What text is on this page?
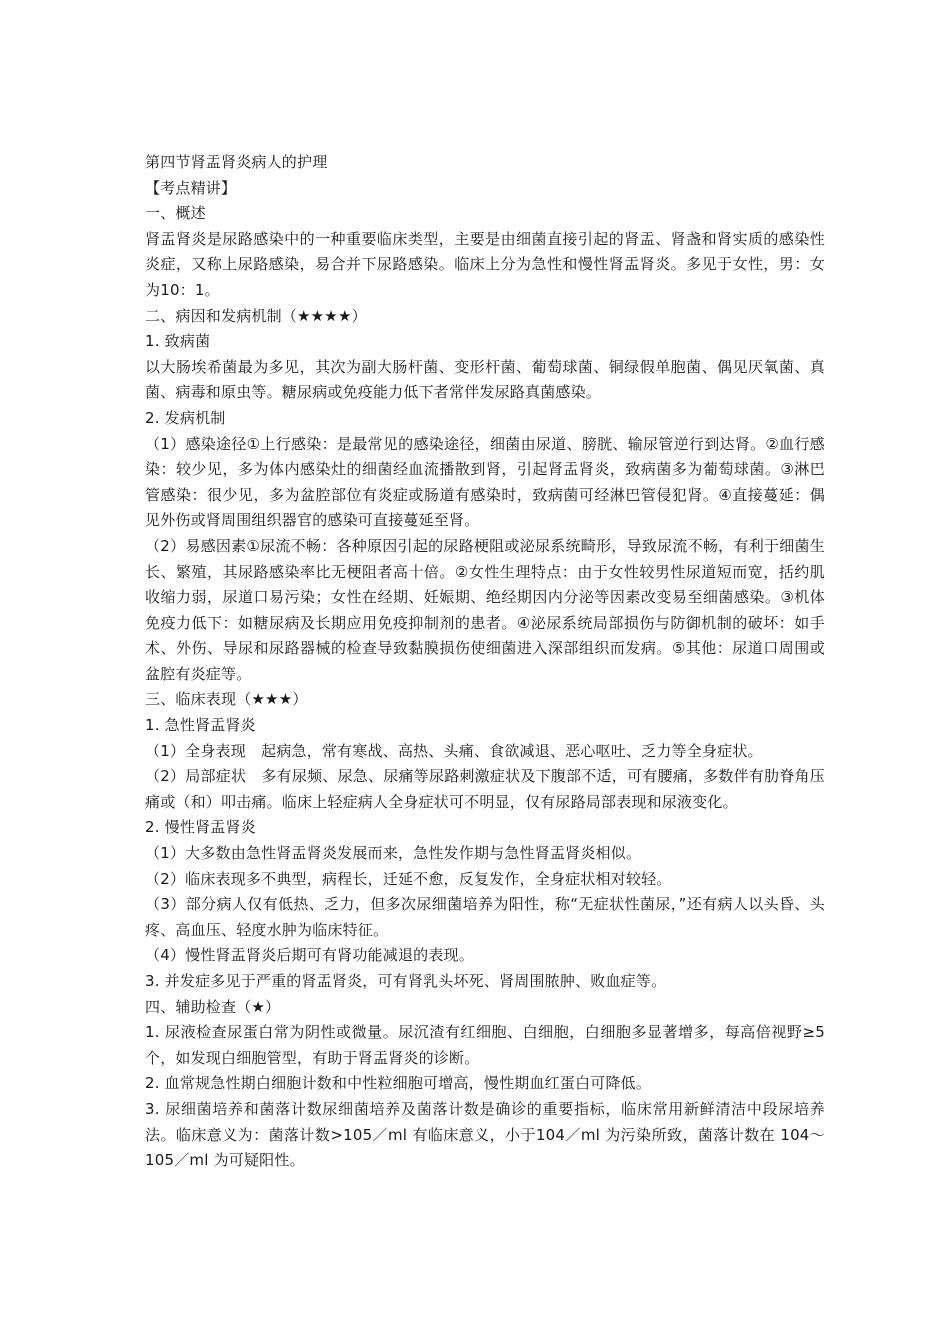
第四节肾盂肾炎病人的护理

【考点精讲】

一、概述

肾盂肾炎是尿路感染中的一种重要临床类型，主要是由细菌直接引起的肾盂、肾盏和肾实质的感染性炎症，又称上尿路感染，易合并下尿路感染。临床上分为急性和慢性肾盂肾炎。多见于女性，男：女为10：1。

二、病因和发病机制（★★★★）

1. 致病菌

以大肠埃希菌最为多见，其次为副大肠杆菌、变形杆菌、葡萄球菌、铜绿假单胞菌、偶见厌氧菌、真菌、病毒和原虫等。糖尿病或免疫能力低下者常伴发尿路真菌感染。

2. 发病机制

（1）感染途径①上行感染：是最常见的感染途径，细菌由尿道、膀胱、输尿管逆行到达肾。②血行感染：较少见，多为体内感染灶的细菌经血流播散到肾，引起肾盂肾炎，致病菌多为葡萄球菌。③淋巴管感染：很少见，多为盆腔部位有炎症或肠道有感染时，致病菌可经淋巴管侵犯肾。④直接蔓延：偶见外伤或肾周围组织器官的感染可直接蔓延至肾。

（2）易感因素①尿流不畅：各种原因引起的尿路梗阻或泌尿系统畸形，导致尿流不畅，有利于细菌生长、繁殖，其尿路感染率比无梗阻者高十倍。②女性生理特点：由于女性较男性尿道短而宽，括约肌收缩力弱，尿道口易污染；女性在经期、妊娠期、绝经期因内分泌等因素改变易至细菌感染。③机体免疫力低下：如糖尿病及长期应用免疫抑制剂的患者。④泌尿系统局部损伤与防御机制的破坏：如手术、外伤、导尿和尿路器械的检查导致黏膜损伤使细菌进入深部组织而发病。⑤其他：尿道口周围或盆腔有炎症等。

三、临床表现（★★★）

1. 急性肾盂肾炎

（1）全身表现　起病急，常有寒战、高热、头痛、食欲减退、恶心呕吐、乏力等全身症状。

（2）局部症状　多有尿频、尿急、尿痛等尿路刺激症状及下腹部不适，可有腰痛，多数伴有肋脊角压痛或（和）叩击痛。临床上轻症病人全身症状可不明显，仅有尿路局部表现和尿液变化。

2. 慢性肾盂肾炎

（1）大多数由急性肾盂肾炎发展而来，急性发作期与急性肾盂肾炎相似。

（2）临床表现多不典型，病程长，迁延不愈，反复发作，全身症状相对较轻。

（3）部分病人仅有低热、乏力，但多次尿细菌培养为阳性，称“无症状性菌尿，”还有病人以头昏、头疼、高血压、轻度水肿为临床特征。

（4）慢性肾盂肾炎后期可有肾功能减退的表现。

3. 并发症多见于严重的肾盂肾炎，可有肾乳头坏死、肾周围脓肿、败血症等。

四、辅助检查（★）

1. 尿液检查尿蛋白常为阴性或微量。尿沉渣有红细胞、白细胞，白细胞多显著增多，每高倍视野≥5个，如发现白细胞管型，有助于肾盂肾炎的诊断。

2. 血常规急性期白细胞计数和中性粒细胞可增高，慢性期血红蛋白可降低。

3. 尿细菌培养和菌落计数尿细菌培养及菌落计数是确诊的重要指标，临床常用新鲜清洁中段尿培养法。临床意义为：菌落计数>105／ml 有临床意义，小于104／ml 为污染所致，菌落计数在 104～105／ml 为可疑阳性。
